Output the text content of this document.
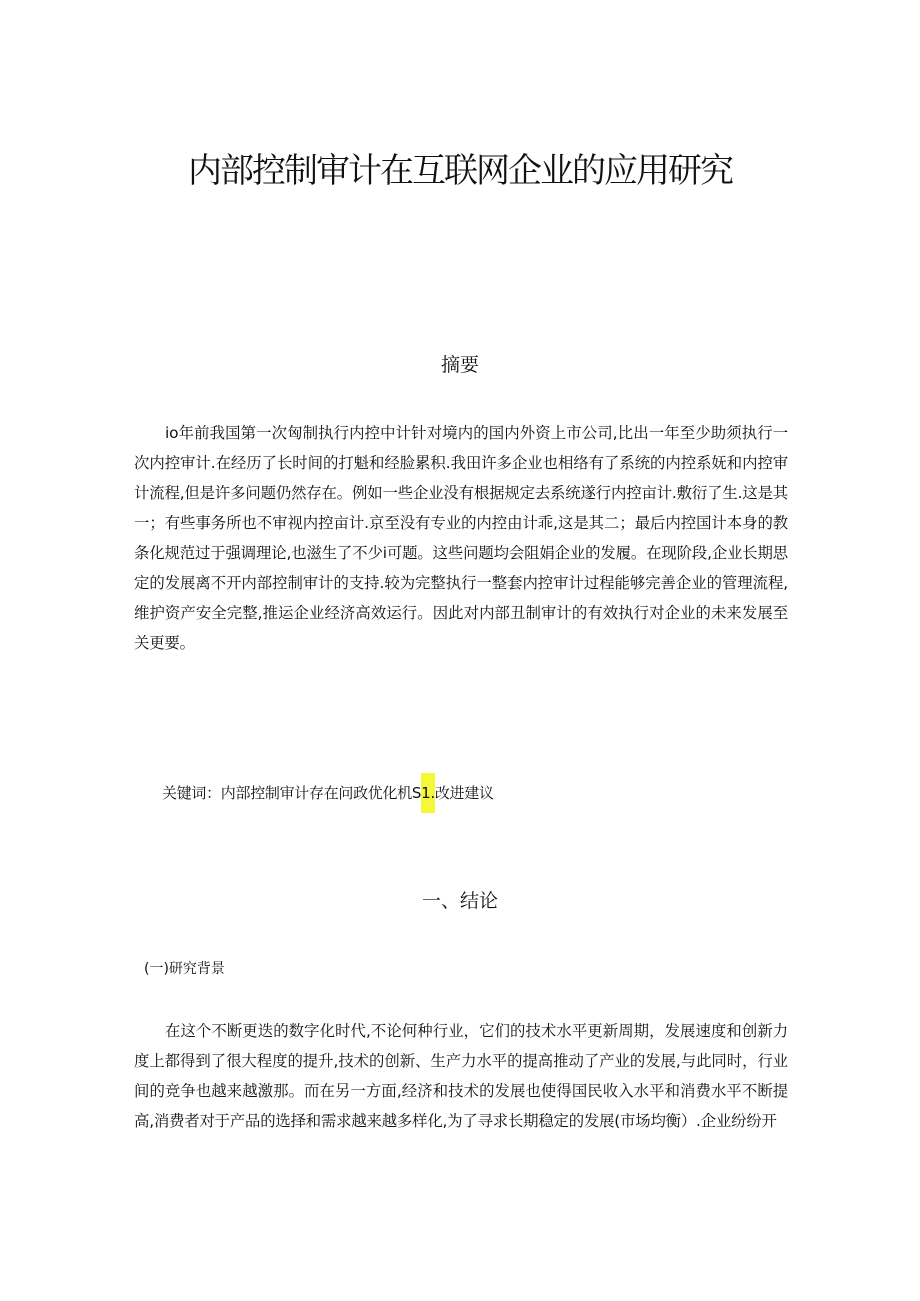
内部控制审计在互联网企业的应用研究
摘要

io年前我国第一次匈制执行内控中计针对境内的国内外资上市公司,比出一年至少助须执行一次内控审计.在经历了长时间的打魁和经脸累积.我田许多企业也相络有了系统的内控系妩和内控审计流程,但是许多问题仍然存在。例如一些企业没有根据规定去系统遂行内控亩计.敷衍了生.这是其一；有些事务所也不审视内控亩计.京至没有专业的内控由计乖,这是其二；最后内控国计本身的教条化规范过于强调理论,也滋生了不少i可题。这些问题均会阻娟企业的发履。在现阶段,企业长期思定的发展离不开内部控制审计的支持.较为完整执行一整套内控审计过程能够完善企业的管理流程,维护资产安全完整,推运企业经济高效运行。因此对内部丑制审计的有效执行对企业的未来发展至关更要。

关键词：内部控制审计存在问政优化机S1.改进建议

一、结论
(一)研究背景

在这个不断更迭的数字化时代,不论何种行业，它们的技术水平更新周期，发展速度和创新力度上都得到了很大程度的提升,技术的创新、生产力水平的提高推动了产业的发展,与此同时，行业间的竞争也越来越激那。而在另一方面,经济和技术的发展也使得国民收入水平和消费水平不断提高,消费者对于产品的选择和需求越来越多样化,为了寻求长期稳定的发展(市场均衡）.企业纷纷开
